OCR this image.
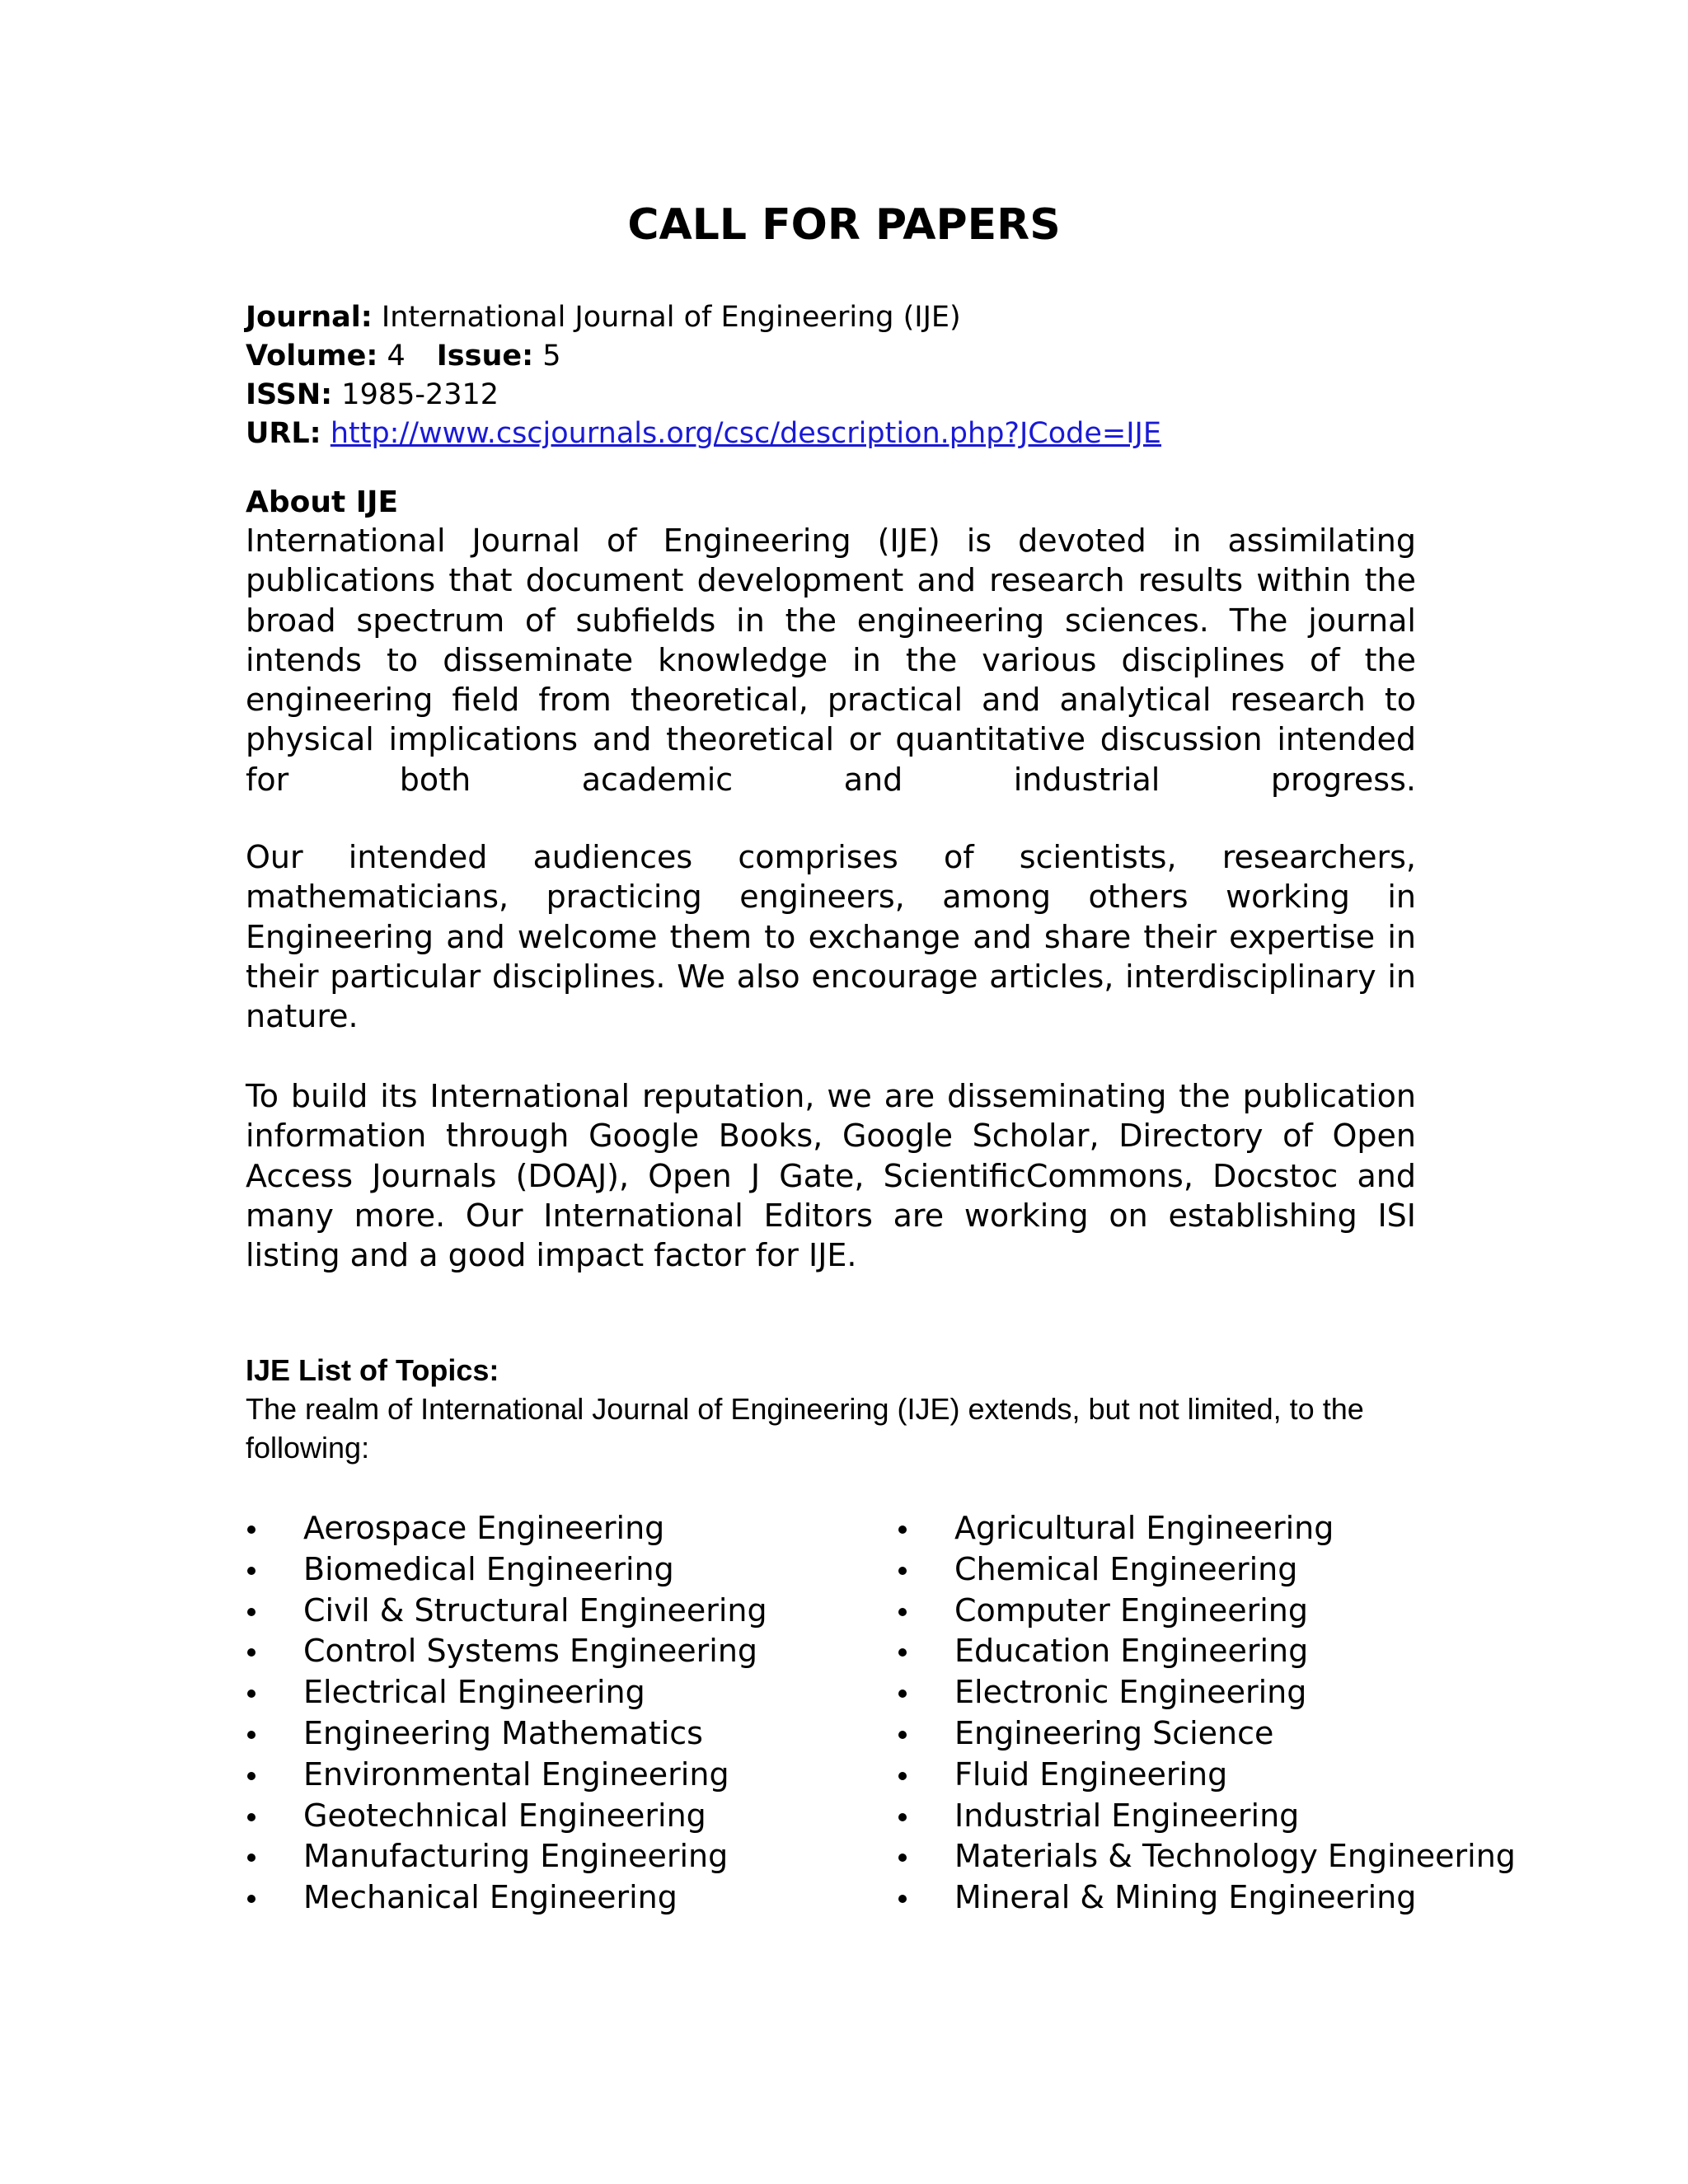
CALL FOR PAPERS
Journal: International Journal of Engineering (IJE)
Volume: 4 Issue: 5
ISSN: 1985-2312
URL: http://www.cscjournals.org/csc/description.php?JCode=IJE
About IJE

International Journal of Engineering (IJE) is devoted in assimilating publications that document development and research results within the broad spectrum of subfields in the engineering sciences. The journal intends to disseminate knowledge in the various disciplines of the engineering field from theoretical, practical and analytical research to physical implications and theoretical or quantitative discussion intended for both academic and industrial progress.

Our intended audiences comprises of scientists, researchers, mathematicians, practicing engineers, among others working in Engineering and welcome them to exchange and share their expertise in their particular disciplines. We also encourage articles, interdisciplinary in nature.

To build its International reputation, we are disseminating the publication information through Google Books, Google Scholar, Directory of Open Access Journals (DOAJ), Open J Gate, ScientificCommons, Docstoc and many more. Our International Editors are working on establishing ISI listing and a good impact factor for IJE.

IJE List of Topics:

The realm of International Journal of Engineering (IJE) extends, but not limited, to the following:

Aerospace Engineering
Biomedical Engineering
Civil & Structural Engineering
Control Systems Engineering
Electrical Engineering
Engineering Mathematics
Environmental Engineering
Geotechnical Engineering
Manufacturing Engineering
Mechanical Engineering
Agricultural Engineering
Chemical Engineering
Computer Engineering
Education Engineering
Electronic Engineering
Engineering Science
Fluid Engineering
Industrial Engineering
Materials & Technology Engineering
Mineral & Mining Engineering
